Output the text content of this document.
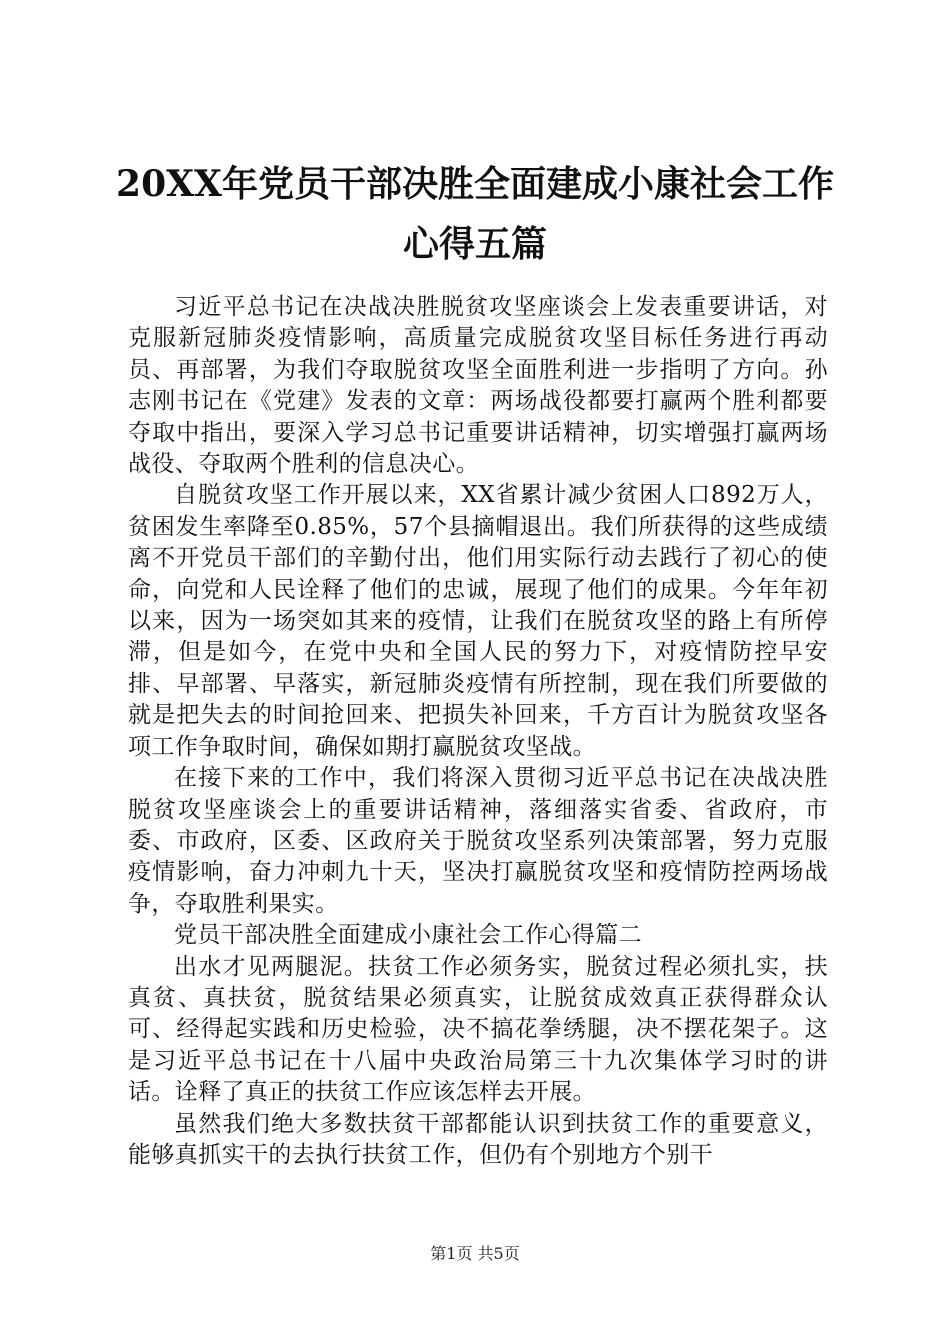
20XX年党员干部决胜全面建成小康社会工作
心得五篇

习近平总书记在决战决胜脱贫攻坚座谈会上发表重要讲话，对克服新冠肺炎疫情影响，高质量完成脱贫攻坚目标任务进行再动员、再部署，为我们夺取脱贫攻坚全面胜利进一步指明了方向。孙志刚书记在《党建》发表的文章：两场战役都要打赢两个胜利都要夺取中指出，要深入学习总书记重要讲话精神，切实增强打赢两场战役、夺取两个胜利的信息决心。

自脱贫攻坚工作开展以来，XX省累计减少贫困人口892万人，贫困发生率降至0.85%，57个县摘帽退出。我们所获得的这些成绩离不开党员干部们的辛勤付出，他们用实际行动去践行了初心的使命，向党和人民诠释了他们的忠诚，展现了他们的成果。今年年初以来，因为一场突如其来的疫情，让我们在脱贫攻坚的路上有所停滞，但是如今，在党中央和全国人民的努力下，对疫情防控早安排、早部署、早落实，新冠肺炎疫情有所控制，现在我们所要做的就是把失去的时间抢回来、把损失补回来，千方百计为脱贫攻坚各项工作争取时间，确保如期打赢脱贫攻坚战。

在接下来的工作中，我们将深入贯彻习近平总书记在决战决胜脱贫攻坚座谈会上的重要讲话精神，落细落实省委、省政府，市委、市政府，区委、区政府关于脱贫攻坚系列决策部署，努力克服疫情影响，奋力冲刺九十天，坚决打赢脱贫攻坚和疫情防控两场战争，夺取胜利果实。

党员干部决胜全面建成小康社会工作心得篇二

出水才见两腿泥。扶贫工作必须务实，脱贫过程必须扎实，扶真贫、真扶贫，脱贫结果必须真实，让脱贫成效真正获得群众认可、经得起实践和历史检验，决不搞花拳绣腿，决不摆花架子。这是习近平总书记在十八届中央政治局第三十九次集体学习时的讲话。诠释了真正的扶贫工作应该怎样去开展。

虽然我们绝大多数扶贫干部都能认识到扶贫工作的重要意义，能够真抓实干的去执行扶贫工作，但仍有个别地方个别干

第1页 共5页
